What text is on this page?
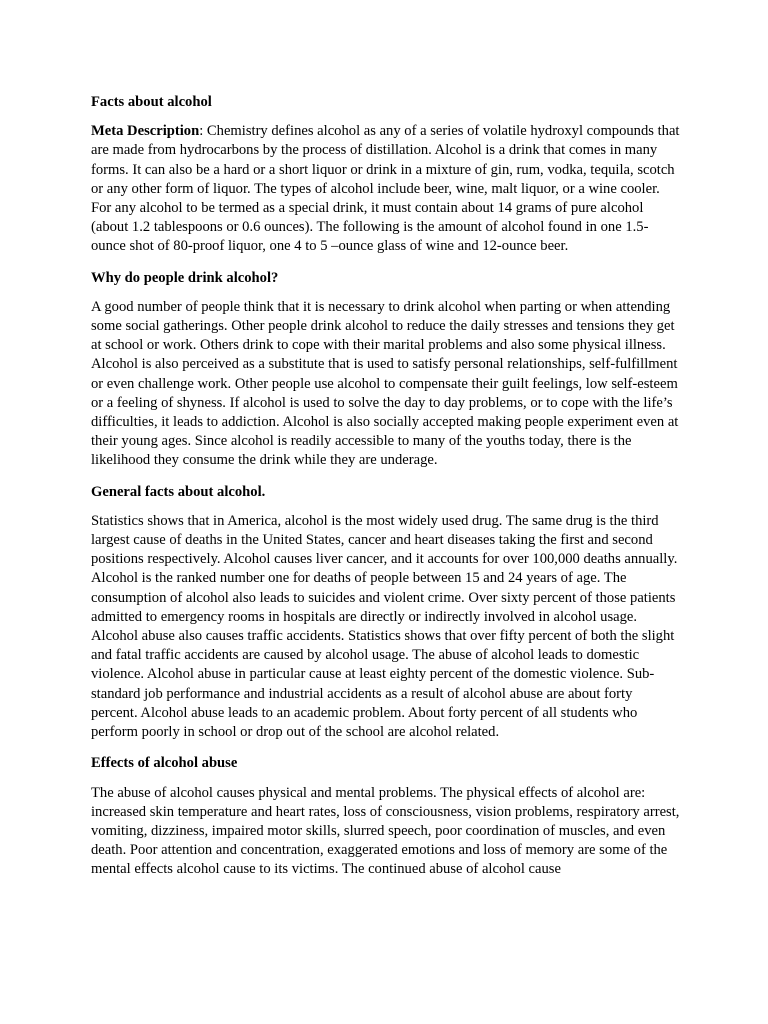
Facts about alcohol

Meta Description: Chemistry defines alcohol as any of a series of volatile hydroxyl compounds that are made from hydrocarbons by the process of distillation. Alcohol is a drink that comes in many forms. It can also be a hard or a short liquor or drink in a mixture of gin, rum, vodka, tequila, scotch or any other form of liquor. The types of alcohol include beer, wine, malt liquor, or a wine cooler. For any alcohol to be termed as a special drink, it must contain about 14 grams of pure alcohol (about 1.2 tablespoons or 0.6 ounces). The following is the amount of alcohol found in one 1.5-ounce shot of 80-proof liquor, one 4 to 5 –ounce glass of wine and 12-ounce beer.

Why do people drink alcohol?

A good number of people think that it is necessary to drink alcohol when parting or when attending some social gatherings. Other people drink alcohol to reduce the daily stresses and tensions they get at school or work. Others drink to cope with their marital problems and also some physical illness. Alcohol is also perceived as a substitute that is used to satisfy personal relationships, self-fulfillment or even challenge work. Other people use alcohol to compensate their guilt feelings, low self-esteem or a feeling of shyness. If alcohol is used to solve the day to day problems, or to cope with the life’s difficulties, it leads to addiction. Alcohol is also socially accepted making people experiment even at their young ages. Since alcohol is readily accessible to many of the youths today, there is the likelihood they consume the drink while they are underage.

General facts about alcohol.

Statistics shows that in America, alcohol is the most widely used drug. The same drug is the third largest cause of deaths in the United States, cancer and heart diseases taking the first and second positions respectively. Alcohol causes liver cancer, and it accounts for over 100,000 deaths annually. Alcohol is the ranked number one for deaths of people between 15 and 24 years of age. The consumption of alcohol also leads to suicides and violent crime. Over sixty percent of those patients admitted to emergency rooms in hospitals are directly or indirectly involved in alcohol usage. Alcohol abuse also causes traffic accidents. Statistics shows that over fifty percent of both the slight and fatal traffic accidents are caused by alcohol usage. The abuse of alcohol leads to domestic violence. Alcohol abuse in particular cause at least eighty percent of the domestic violence. Sub-standard job performance and industrial accidents as a result of alcohol abuse are about forty percent. Alcohol abuse leads to an academic problem. About forty percent of all students who perform poorly in school or drop out of the school are alcohol related.

Effects of alcohol abuse

The abuse of alcohol causes physical and mental problems. The physical effects of alcohol are: increased skin temperature and heart rates, loss of consciousness, vision problems, respiratory arrest, vomiting, dizziness, impaired motor skills, slurred speech, poor coordination of muscles, and even death. Poor attention and concentration, exaggerated emotions and loss of memory are some of the mental effects alcohol cause to its victims. The continued abuse of alcohol cause
